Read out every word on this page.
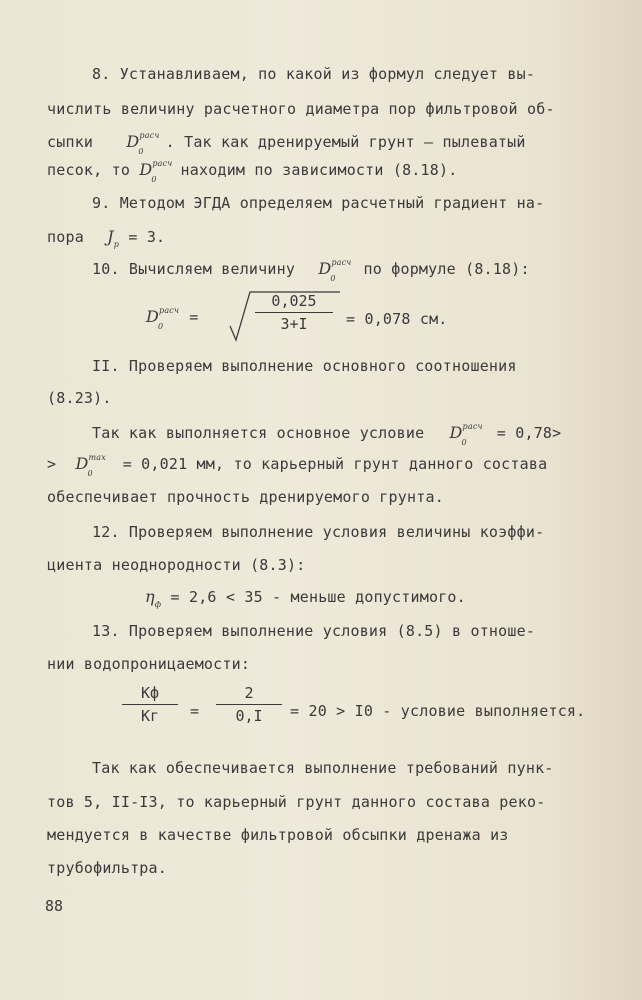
8. Устанавливаем, по какой из формул следует вы-
числить величину расчетного диаметра пор фильтровой об-
сыпки D расч
0
. Так как дренируемый грунт – пылеватый
песок, то D расч
0
находим по зависимости (8.18).
9. Методом ЭГДА определяем расчетный градиент на-
пора $J_p = 3$.
10. Вычисляем величину D расч
0
по формуле (8.18):
D расч
0
=
0,025
3+I	= 0,078 см.
II. Проверяем выполнение основного соотношения
(8.23).
Так как выполняется основное условие D расч
0
= 0,78>
> D max
0
= 0,021 мм, то карьерный грунт данного состава
обеспечивает прочность дренируемого грунта.
12. Проверяем выполнение условия величины коэффи-
циента неоднородности (8.3):
$\eta_ф = 2,6 < 35$ - меньше допустимого.
13. Проверяем выполнение условия (8.5) в отноше-
нии водопроницаемости:
Кф
Кг	=
2
0,I	= 20 > I0 - условие выполняется.
Так как обеспечивается выполнение требований пунк-
тов 5, II-I3, то карьерный грунт данного состава реко-
мендуется в качестве фильтровой обсыпки дренажа из
трубофильтра.
88
